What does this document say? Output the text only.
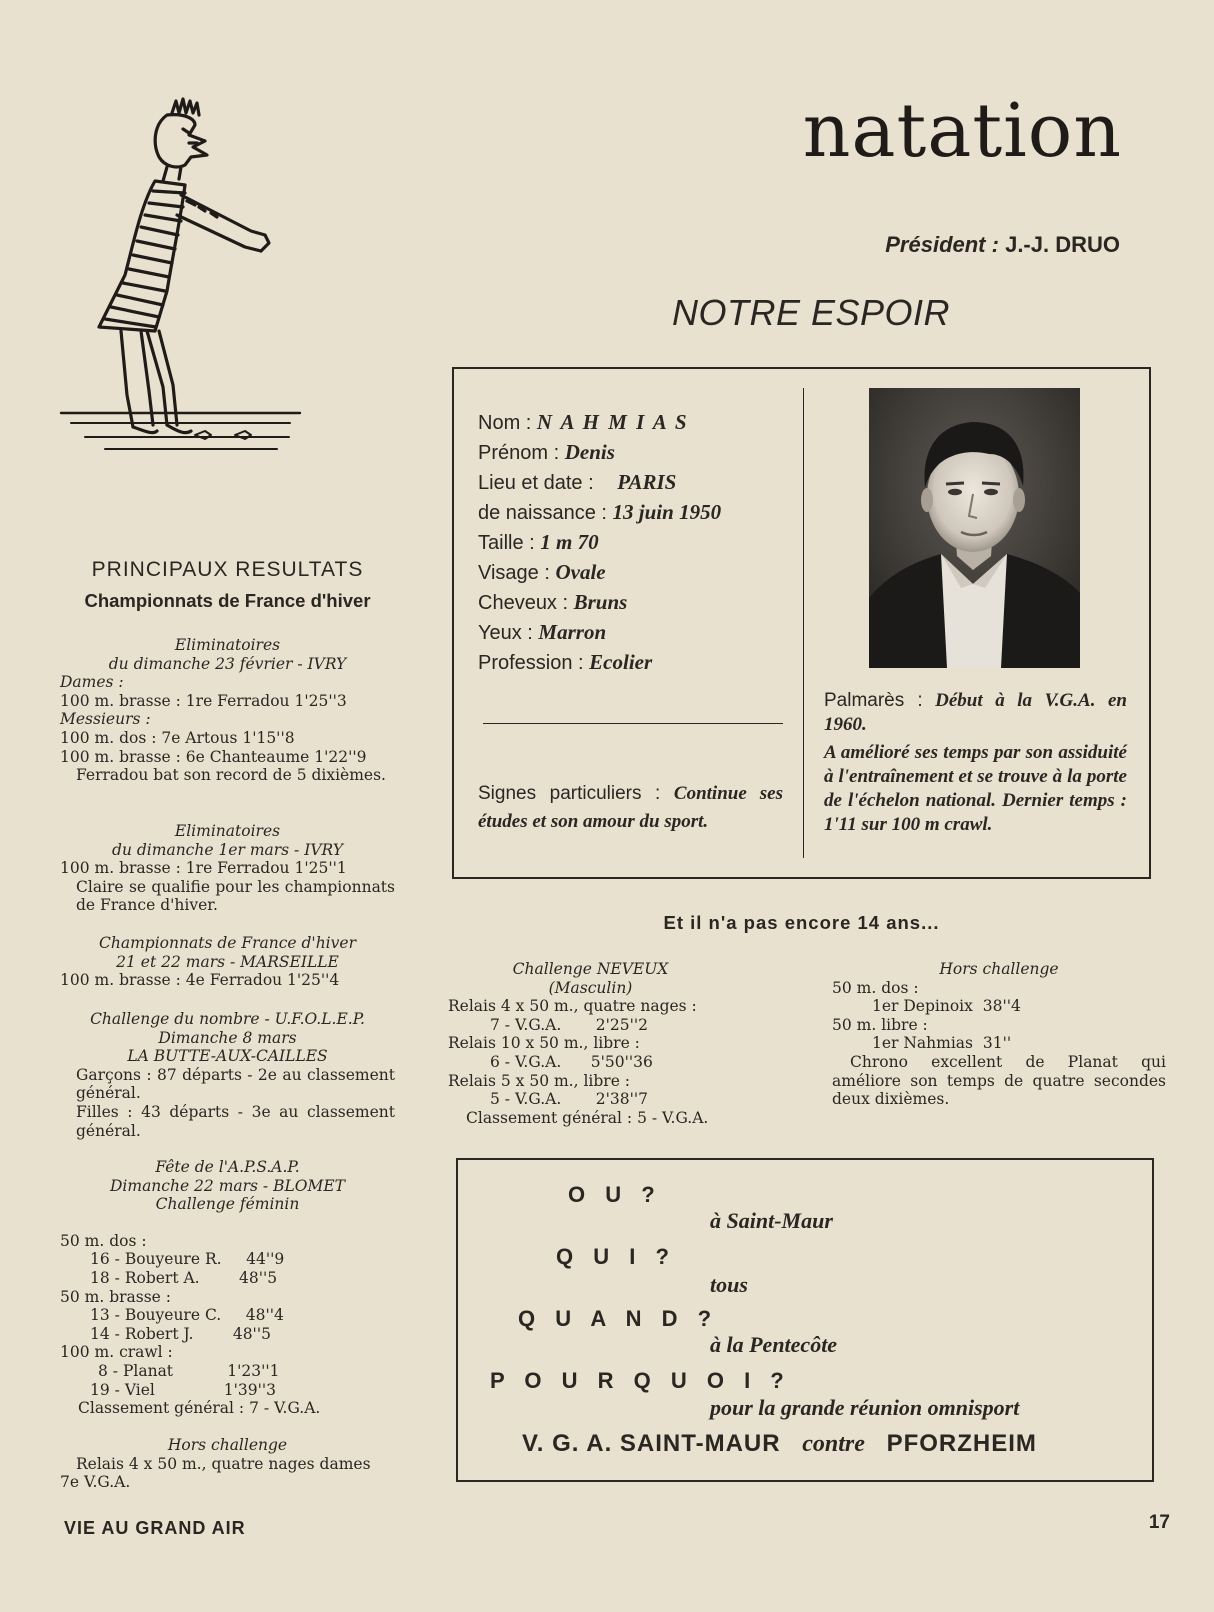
natation
Président : J.-J. DRUO
PRINCIPAUX RESULTATS
Championnats de France d'hiver
Eliminatoires
du dimanche 23 février - IVRY
Dames :
100 m. brasse : 1re Ferradou 1'25''3
Messieurs :
100 m. dos : 7e Artous 1'15''8
100 m. brasse : 6e Chanteaume 1'22''9
Ferradou bat son record de 5 dixièmes.
Eliminatoires
du dimanche 1er mars - IVRY
100 m. brasse : 1re Ferradou 1'25''1
Claire se qualifie pour les championnats de France d'hiver.
Championnats de France d'hiver
21 et 22 mars - MARSEILLE
100 m. brasse : 4e Ferradou 1'25''4
Challenge du nombre - U.F.O.L.E.P.
Dimanche 8 mars
LA BUTTE-AUX-CAILLES
Garçons : 87 départs - 2e au classement général.
Filles : 43 départs - 3e au classement général.
Fête de l'A.P.S.A.P.
Dimanche 22 mars - BLOMET
Challenge féminin
50 m. dos :
16 - Bouyeure R.     44''9
18 - Robert A.        48''5
50 m. brasse :
13 - Bouyeure C.     48''4
14 - Robert J.        48''5
100 m. crawl :
8 - Planat           1'23''1
19 - Viel              1'39''3
Classement général : 7 - V.G.A.
Hors challenge
Relais 4 x 50 m., quatre nages dames
7e V.G.A.
NOTRE ESPOIR
Nom : N A H M I A S
Prénom : Denis
Lieu et date : PARIS
de naissance : 13 juin 1950
Taille : 1 m 70
Visage : Ovale
Cheveux : Bruns
Yeux : Marron
Profession : Ecolier
Signes particuliers : Continue ses études et son amour du sport.
Palmarès : Début à la V.G.A. en 1960.
A amélioré ses temps par son assiduité à l'entraînement et se trouve à la porte de l'échelon national. Dernier temps : 1'11 sur 100 m crawl.
Et il n'a pas encore 14 ans...
Challenge NEVEUX
(Masculin)
Relais 4 x 50 m., quatre nages :
7 - V.G.A.       2'25''2
Relais 10 x 50 m., libre :
6 - V.G.A.      5'50''36
Relais 5 x 50 m., libre :
5 - V.G.A.       2'38''7
Classement général : 5 - V.G.A.
Hors challenge
50 m. dos :
1er Depinoix  38''4
50 m. libre :
1er Nahmias  31''
Chrono excellent de Planat qui améliore son temps de quatre secondes deux dixièmes.
O U ?
à Saint-Maur
Q U I ?
tous
Q U A N D ?
à la Pentecôte
P O U R Q U O I ?
pour la grande réunion omnisport
V. G. A. SAINT-MAUR contre PFORZHEIM
VIE AU GRAND AIR	17
